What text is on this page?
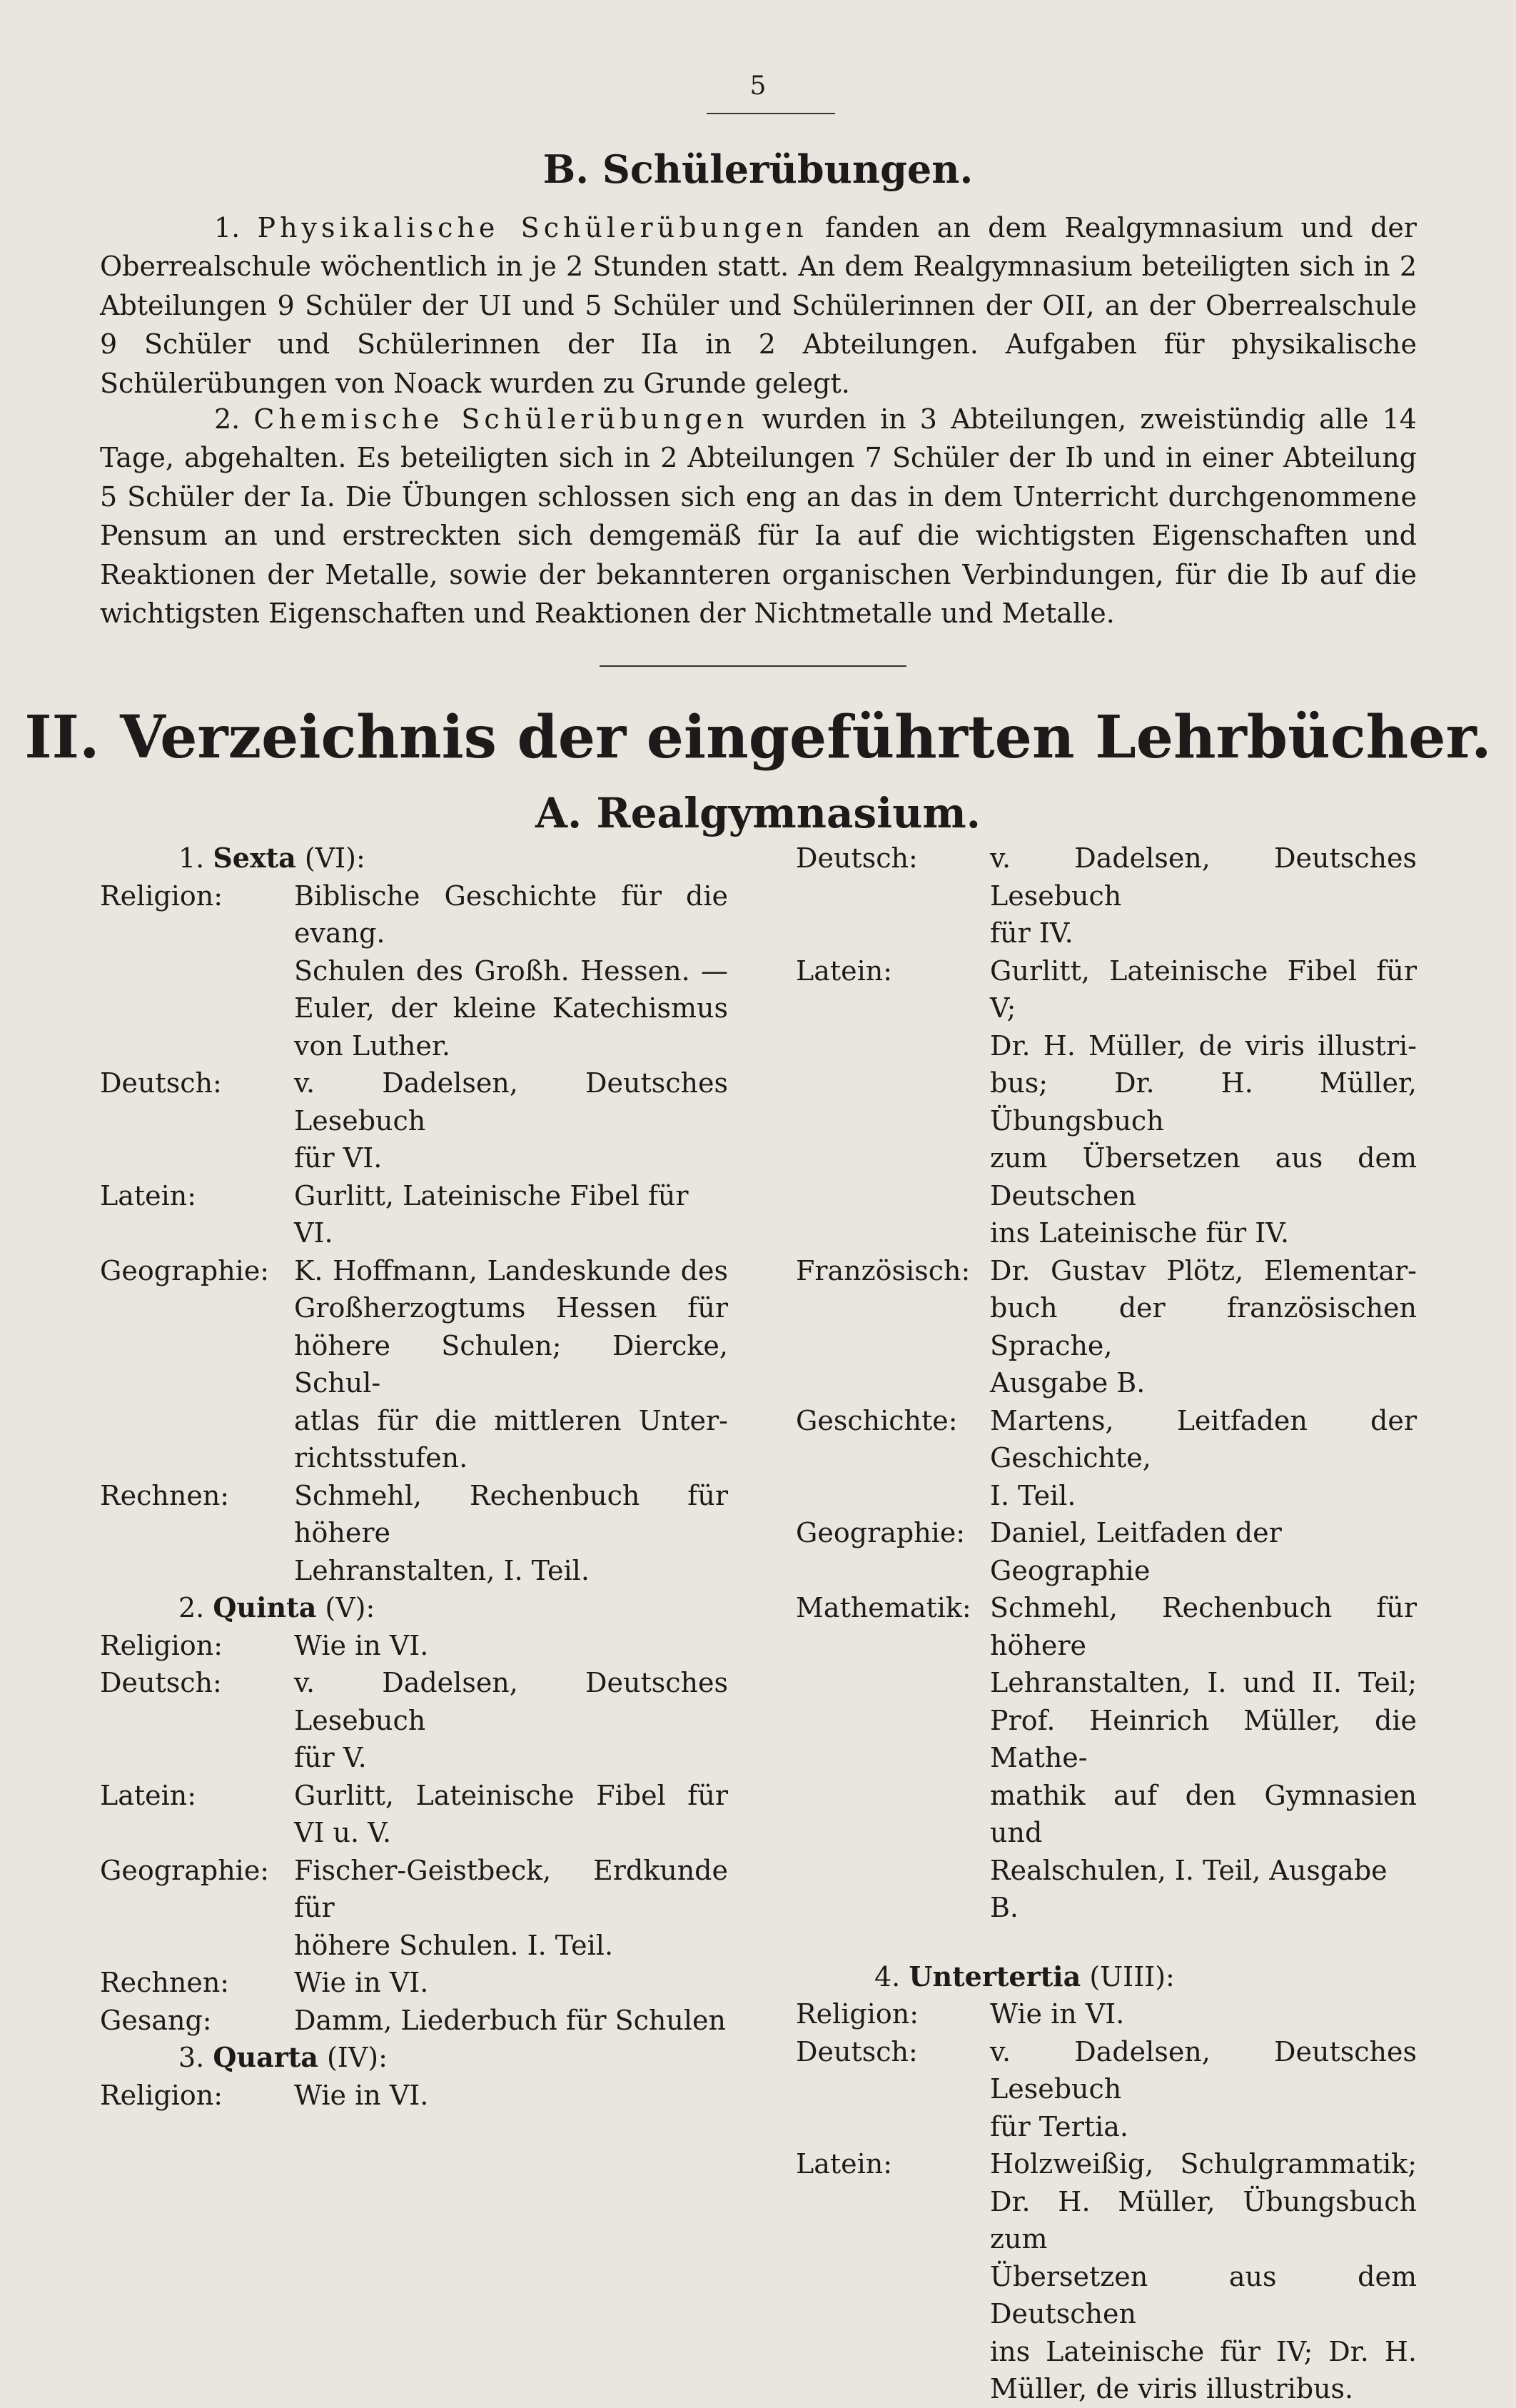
5
B. Schülerübungen.
1. Physikalische Schülerübungen fanden an dem Realgymnasium und der Oberrealschule wöchentlich in je 2 Stunden statt. An dem Realgymnasium beteiligten sich in 2 Abteilungen 9 Schüler der UI und 5 Schüler und Schülerinnen der OII, an der Oberrealschule 9 Schüler und Schülerinnen der IIa in 2 Abteilungen. Aufgaben für physikalische Schülerübungen von Noack wurden zu Grunde gelegt.
2. Chemische Schülerübungen wurden in 3 Abteilungen, zweistündig alle 14 Tage, abgehalten. Es beteiligten sich in 2 Abteilungen 7 Schüler der Ib und in einer Abteilung 5 Schüler der Ia. Die Übungen schlossen sich eng an das in dem Unterricht durchgenommene Pensum an und erstreckten sich demgemäß für Ia auf die wichtigsten Eigenschaften und Reaktionen der Metalle, sowie der bekannteren organischen Verbindungen, für die Ib auf die wichtigsten Eigenschaften und Reaktionen der Nichtmetalle und Metalle.
II. Verzeichnis der eingeführten Lehrbücher.
A. Realgymnasium.
1. Sexta (VI):
Religion:	Biblische Geschichte für die evang.
Schulen des Großh. Hessen. —
Euler, der kleine Katechismus
von Luther.
Deutsch:	v. Dadelsen, Deutsches Lesebuch
für VI.
Latein:	Gurlitt, Lateinische Fibel für VI.
Geographie: K. Hoffmann, Landeskunde des
Großherzogtums Hessen für
höhere Schulen; Diercke, Schul-
atlas für die mittleren Unter-
richtsstufen.
Rechnen:	Schmehl, Rechenbuch für höhere
Lehranstalten, I. Teil.
2. Quinta (V):
Religion:	Wie in VI.
Deutsch:	v. Dadelsen, Deutsches Lesebuch
für V.
Latein:	Gurlitt, Lateinische Fibel für
VI u. V.
Geographie: Fischer-Geistbeck, Erdkunde für
höhere Schulen. I. Teil.
Rechnen:	Wie in VI.
Gesang:	Damm, Liederbuch für Schulen
3. Quarta (IV):
Religion:	Wie in VI.
Deutsch:	v. Dadelsen, Deutsches Lesebuch
für IV.
Latein:	Gurlitt, Lateinische Fibel für V;
Dr. H. Müller, de viris illustri-
bus; Dr. H. Müller, Übungsbuch
zum Übersetzen aus dem Deutschen
ins Lateinische für IV.
Französisch: Dr. Gustav Plötz, Elementar-
buch der französischen Sprache,
Ausgabe B.
Geschichte:	Martens, Leitfaden der Geschichte,
I. Teil.
Geographie: Daniel, Leitfaden der Geographie
Mathematik: Schmehl, Rechenbuch für höhere
Lehranstalten, I. und II. Teil;
Prof. Heinrich Müller, die Mathe-
mathik auf den Gymnasien und
Realschulen, I. Teil, Ausgabe B.
4. Untertertia (UIII):
Religion:	Wie in VI.
Deutsch:	v. Dadelsen, Deutsches Lesebuch
für Tertia.
Latein:	Holzweißig, Schulgrammatik;
Dr. H. Müller, Übungsbuch zum
Übersetzen aus dem Deutschen
ins Lateinische für IV; Dr. H.
Müller, de viris illustribus.
